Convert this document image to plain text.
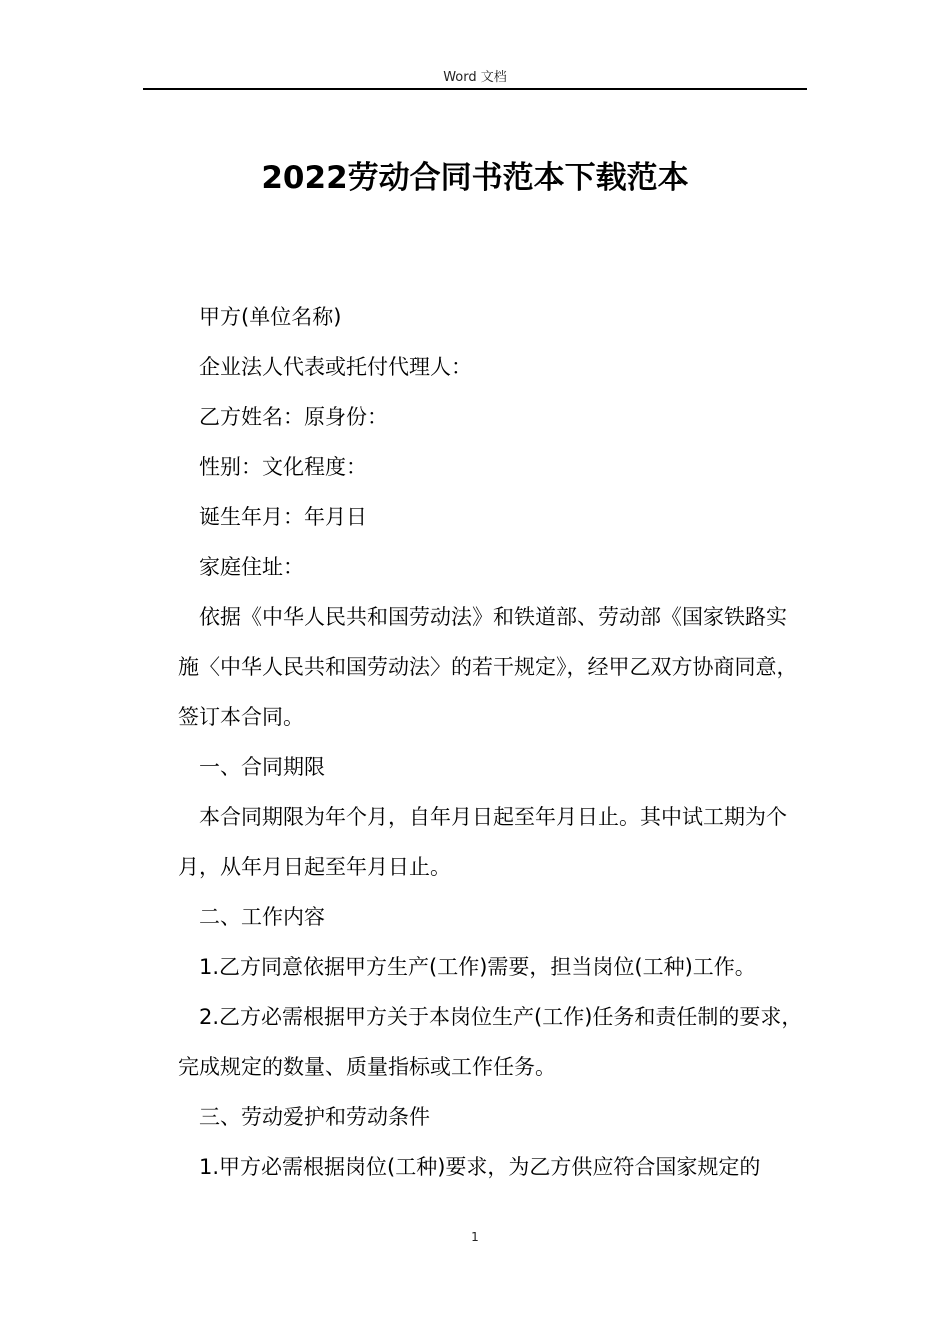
Word 文档
2022劳动合同书范本下载范本

甲方(单位名称)

企业法人代表或托付代理人：

乙方姓名：原身份：

性别：文化程度：

诞生年月：年月日

家庭住址：

依据《中华人民共和国劳动法》和铁道部、劳动部《国家铁路实施〈中华人民共和国劳动法〉的若干规定》，经甲乙双方协商同意，签订本合同。

一、合同期限

本合同期限为年个月，自年月日起至年月日止。其中试工期为个月，从年月日起至年月日止。

二、工作内容

1.乙方同意依据甲方生产(工作)需要，担当岗位(工种)工作。

2.乙方必需根据甲方关于本岗位生产(工作)任务和责任制的要求，完成规定的数量、质量指标或工作任务。

三、劳动爱护和劳动条件

1.甲方必需根据岗位(工种)要求，为乙方供应符合国家规定的

1
